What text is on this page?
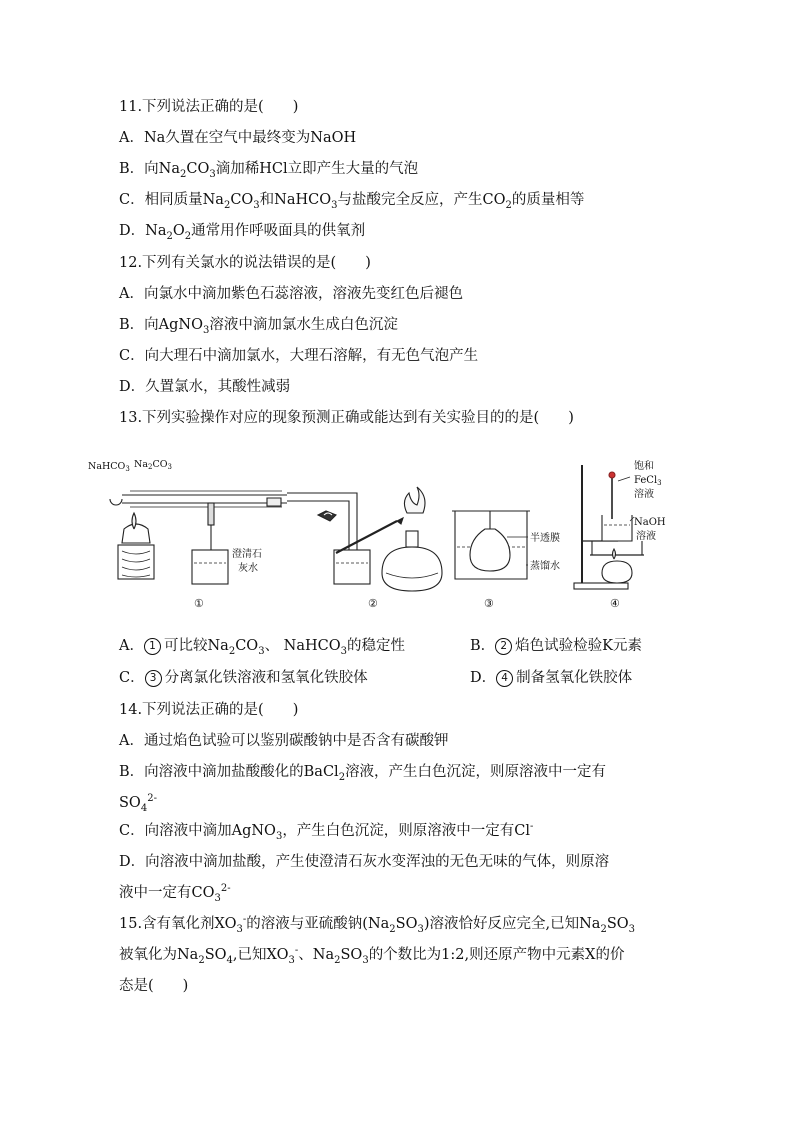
11.下列说法正确的是(　　)
A．Na久置在空气中最终变为NaOH
B．向$Na_2CO_3$滴加稀HCl立即产生大量的气泡
C．相同质量$Na_2CO_3$和NaHCO$_3$与盐酸完全反应，产生$CO_2$的质量相等
D．$Na_2O_2$通常用作呼吸面具的供氧剂
12.下列有关氯水的说法错误的是(　　)
A．向氯水中滴加紫色石蕊溶液，溶液先变红色后褪色
B．向AgNO$_3$溶液中滴加氯水生成白色沉淀
C．向大理石中滴加氯水，大理石溶解，有无色气泡产生
D．久置氯水，其酸性减弱
13.下列实验操作对应的现象预测正确或能达到有关实验目的的是(　　)
NaHCO$_3$ $Na_2CO_3$
澄清石
灰水
①	②
半透膜
蒸馏水
③
饱和
FeCl$_3$
溶液
NaOH
溶液
④
A． 1 可比较$Na_2CO_3$、 NaHCO$_3$的稳定性	B． 2 焰色试验检验K元素
C． 3 分离氯化铁溶液和氢氧化铁胶体	D． 4 制备氢氧化铁胶体
14.下列说法正确的是(　　)
A．通过焰色试验可以鉴别碳酸钠中是否含有碳酸钾
B．向溶液中滴加盐酸酸化的BaCl$_2$溶液，产生白色沉淀，则原溶液中一定有
$SO_4^{2-}$
C．向溶液中滴加AgNO$_3$，产生白色沉淀，则原溶液中一定有Cl-
D．向溶液中滴加盐酸，产生使澄清石灰水变浑浊的无色无味的气体，则原溶
液中一定有$CO_3^{2-}$
15.含有氧化剂$XO_3^-$的溶液与亚硫酸钠$(Na_2SO_3)$溶液恰好反应完全,已知$Na_2SO_3$
被氧化为$Na_2SO_4$,已知$XO_3^-$、$Na_2SO_3$的个数比为1:2,则还原产物中元素X的价
态是(　　)
